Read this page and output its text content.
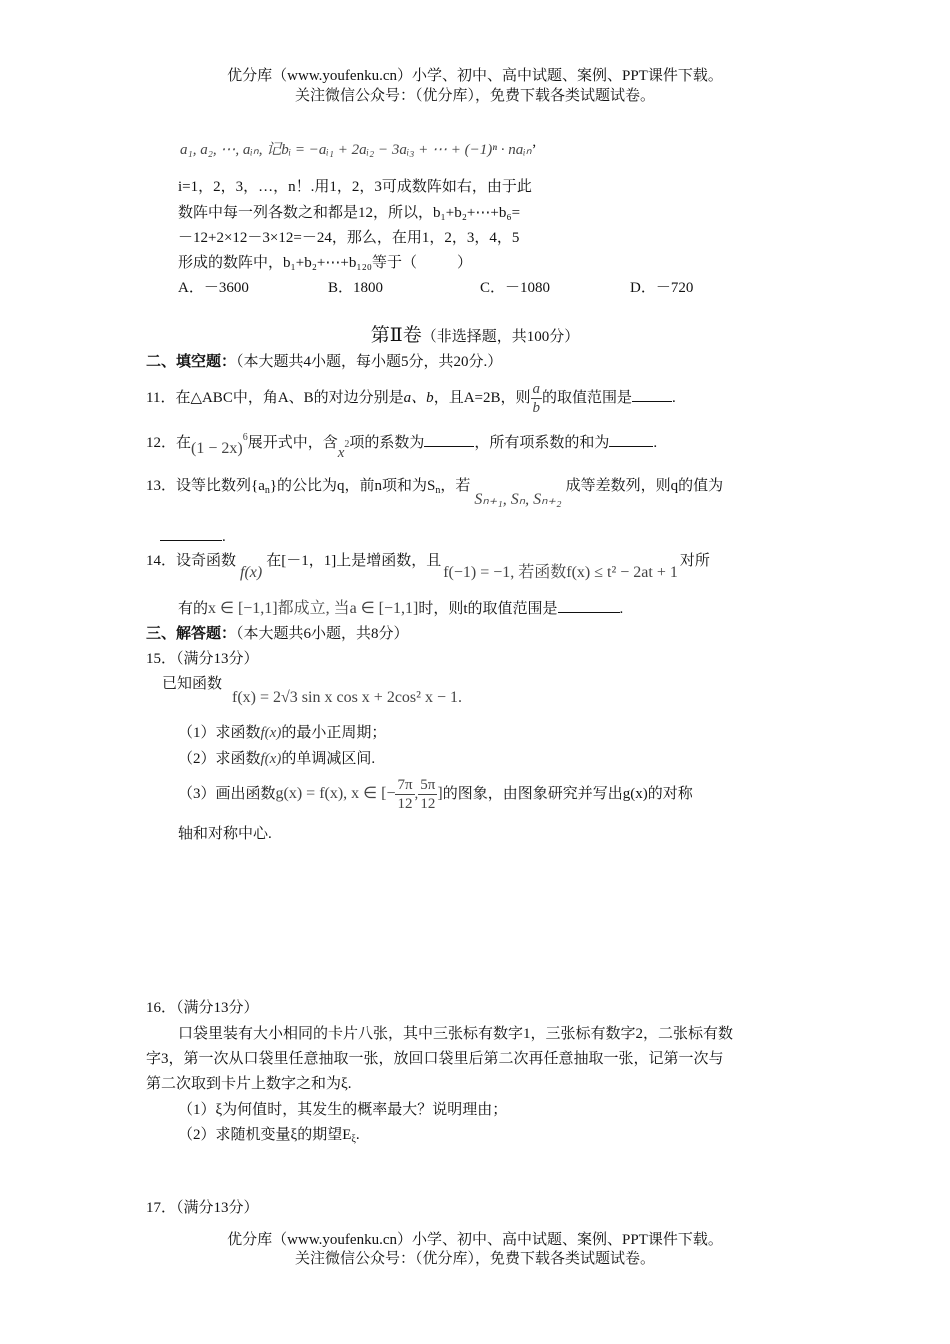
优分库（www.youfenku.cn）小学、初中、高中试题、案例、PPT课件下载。
关注微信公众号：（优分库），免费下载各类试题试卷。
a₁, a₂, ⋯, aᵢₙ, 记bᵢ = −aᵢ₁ + 2aᵢ₂ − 3aᵢ₃ + ⋯ + (−1)ⁿ · naᵢₙ’
i=1，2，3，…，n！.用1，2，3可成数阵如右，由于此
数阵中每一列各数之和都是12，所以，b₁+b₂+⋯+b₆=
－12+2×12－3×12=－24，那么，在用1，2，3，4，5
形成的数阵中，b₁+b₂+⋯+b₁₂₀等于（	）
A．－3600	B．1800	C．－1080	D．－720
第Ⅱ卷（非选择题，共100分）
二、填空题：（本大题共4小题，每小题5分，共20分.）
11．在△ABC中，角A、B的对边分别是a、b，且A=2B，则 $\frac{a}{b}$ 的取值范围是	.
12．在$(1 - 2x)^6$展开式中，含x2项的系数为	，所有项系数的和为	.
13．设等比数列$\{a_n\}$的公比为q，前n项和为$S_n$，若Sₙ₊₁, Sₙ, Sₙ₊₂成等差数列，则q的值为
.
14．设奇函数f(x)在[－1，1]上是增函数，且f(−1) = −1, 若函数f(x) ≤ t² − 2at + 1对所
有的x ∈ [−1,1]都成立, 当a ∈ [−1,1]时，则t的取值范围是	.
三、解答题：（本大题共6小题，共8分）
15．（满分13分）
已知函数
f(x) = 2√3 sin x cos x + 2cos² x − 1.
（1）求函数f(x)的最小正周期；
（2）求函数f(x)的单调减区间.
（3）画出函数g(x) = f(x), x ∈ [− $\frac{7\pi}{12}$ , $\frac{5\pi}{12}$ ]的图象，由图象研究并写出g(x)的对称
轴和对称中心.
16．（满分13分）
口袋里装有大小相同的卡片八张，其中三张标有数字1，三张标有数字2，二张标有数
字3，第一次从口袋里任意抽取一张，放回口袋里后第二次再任意抽取一张，记第一次与
第二次取到卡片上数字之和为ξ.
（1）ξ为何值时，其发生的概率最大？说明理由；
（2）求随机变量ξ的期望$E_\xi$.
17．（满分13分）
优分库（www.youfenku.cn）小学、初中、高中试题、案例、PPT课件下载。
关注微信公众号：（优分库），免费下载各类试题试卷。
